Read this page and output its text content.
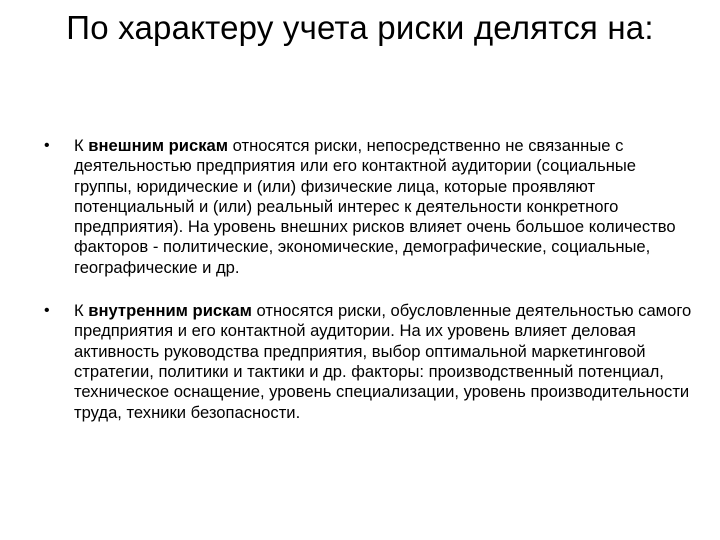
По характеру учета риски делятся на:
• К внешним рискам относятся риски, непосредственно не связанные с деятельностью предприятия или его контактной аудитории (социальные группы, юридические и (или) физические лица, которые проявляют потенциальный и (или) реальный интерес к деятельности конкретного предприятия). На уровень внешних рисков влияет очень большое количество факторов - политические, экономические, демографические, социальные, географические и др.
• К внутренним рискам относятся риски, обусловленные деятельностью самого предприятия и его контактной аудитории. На их уровень влияет деловая активность руководства предприятия, выбор оптимальной маркетинговой стратегии, политики и тактики и др. факторы: производственный потенциал, техническое оснащение, уровень специализации, уровень производительности труда, техники безопасности.
